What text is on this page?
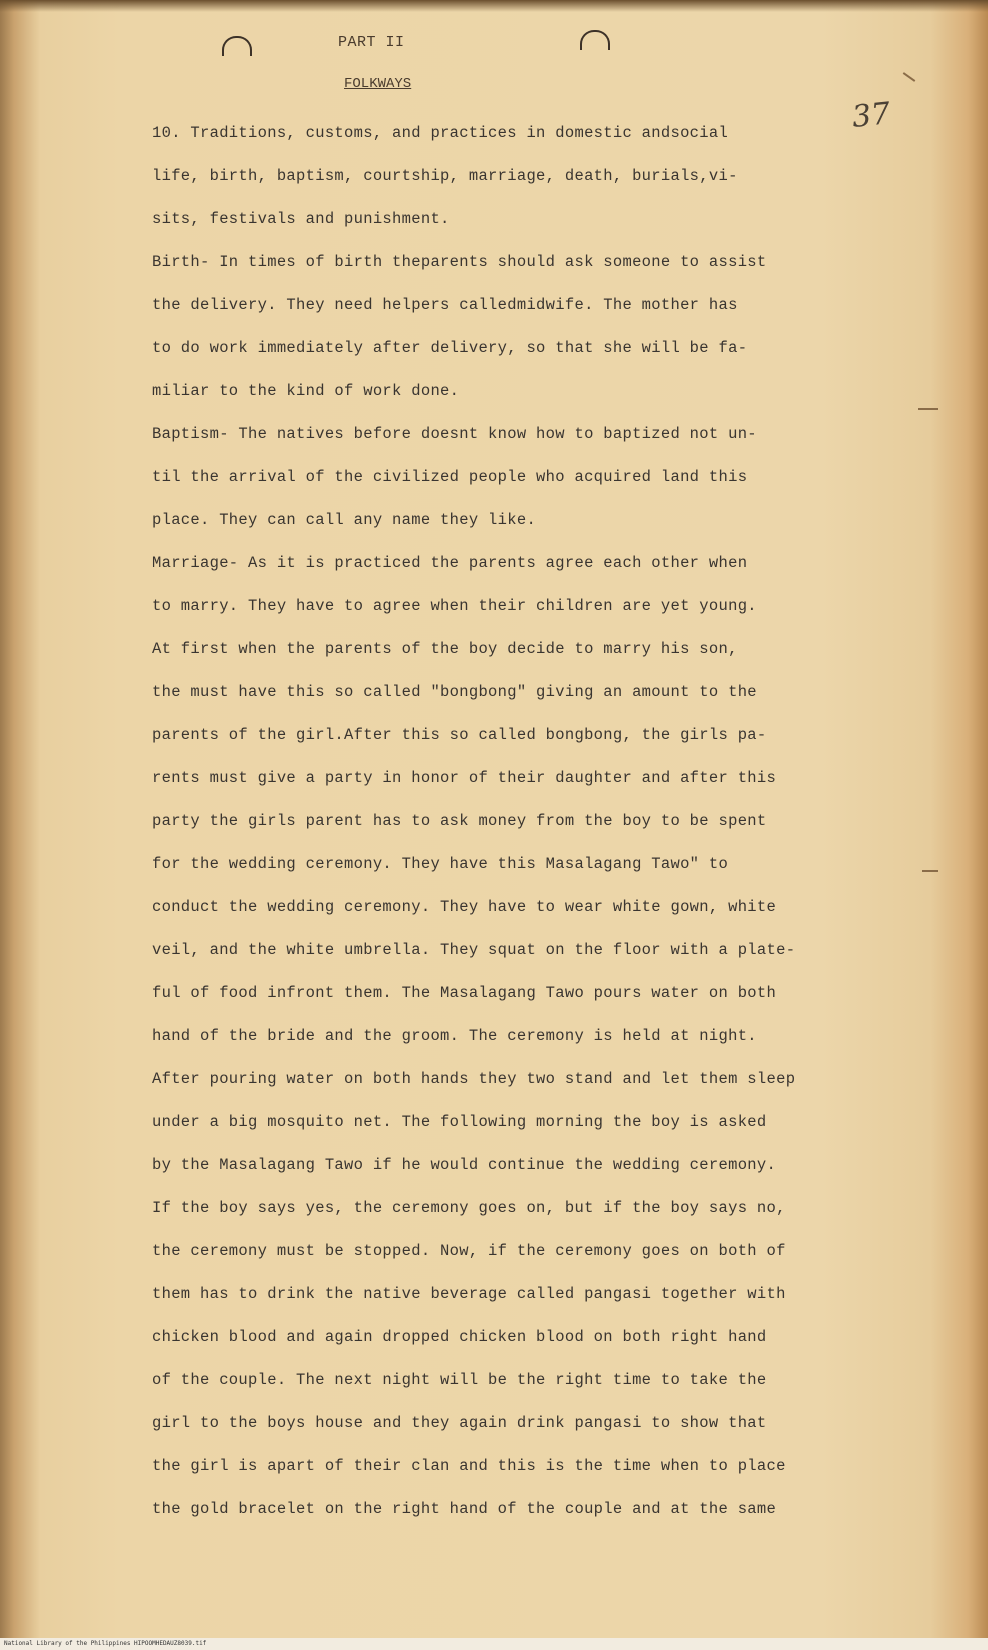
PART II
FOLKWAYS
37
10. Traditions, customs, and practices in domestic andsocial
life, birth, baptism, courtship, marriage, death, burials,vi-
sits, festivals and punishment.
Birth- In times of birth theparents should ask someone to assist
the delivery. They need helpers calledmidwife. The mother has
to do work immediately after delivery, so that she will be fa-
miliar to the kind of work done.
Baptism- The natives before doesnt know how to baptized not un-
til the arrival of the civilized people who acquired land this
place. They can call any name they like.
Marriage- As it is practiced the parents agree each other when
to marry. They have to agree when their children are yet young.
At first when the parents of the boy decide to marry his son,
the must have this so called "bongbong" giving an amount to the
parents of the girl.After this so called bongbong, the girls pa-
rents must give a party in honor of their daughter and after this
party the girls parent has to ask money from the boy to be spent
for the wedding ceremony. They have this Masalagang Tawo" to
conduct the wedding ceremony. They have to wear white gown, white
veil, and the white umbrella. They squat on the floor with a plate-
ful of food infront them. The Masalagang Tawo pours water on both
hand of the bride and the groom. The ceremony is held at night.
After pouring water on both hands they two stand and let them sleep
under a big mosquito net. The following morning the boy is asked
by the Masalagang Tawo if he would continue the wedding ceremony.
If the boy says yes, the ceremony goes on, but if the boy says no,
the ceremony must be stopped. Now, if the ceremony goes on both of
them has to drink the native beverage called pangasi together with
chicken blood and again dropped chicken blood on both right hand
of the couple. The next night will be the right time to take the
girl to the boys house and they again drink pangasi to show that
the girl is apart of their clan and this is the time when to place
the gold bracelet on the right hand of the couple and at the same
National Library of the Philippines HIPOOMHEDAUZ8039.tif
